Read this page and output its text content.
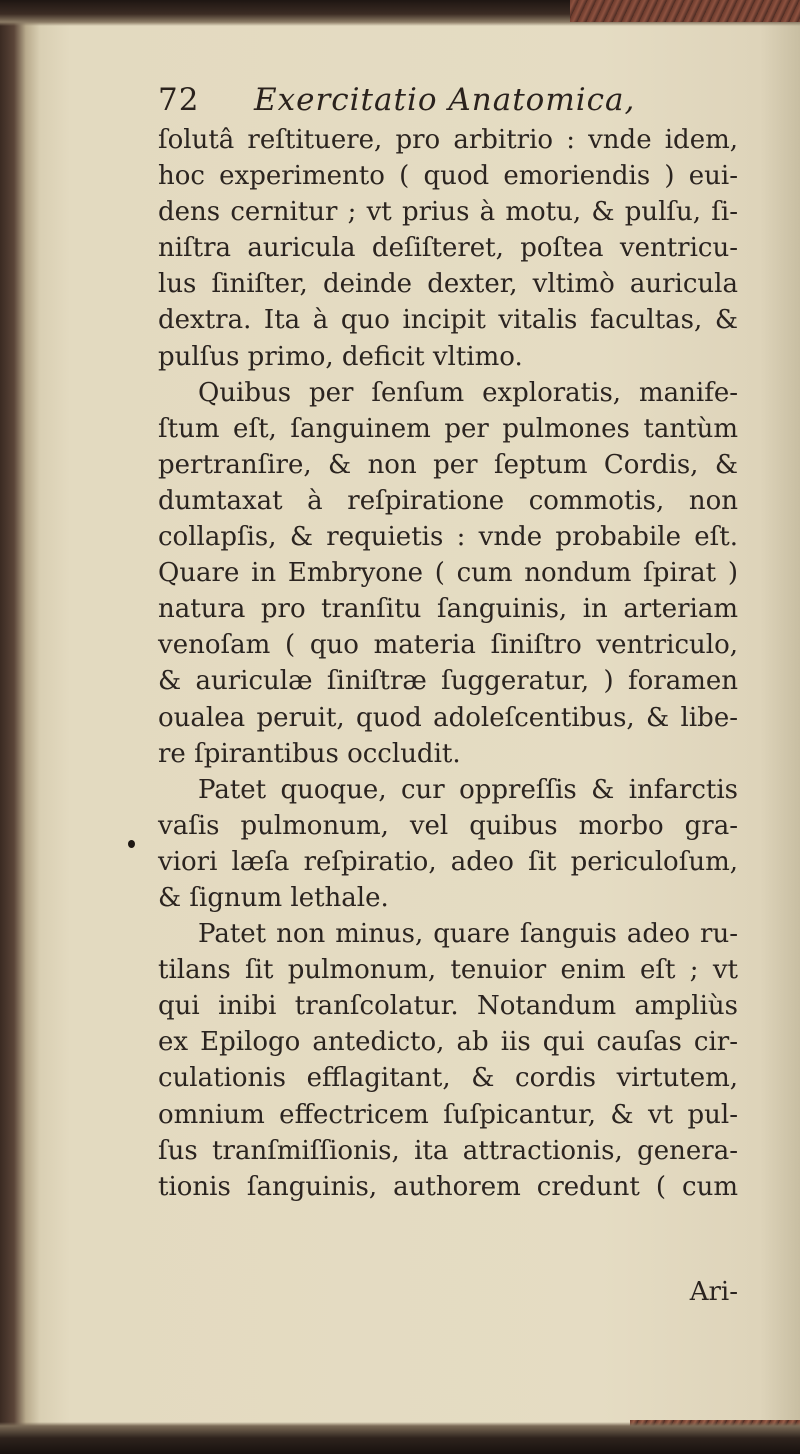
72	Exercitatio Anatomica,
ſolutâ reſtituere, pro arbitrio : vnde idem,
hoc experimento ( quod emoriendis ) eui-
dens cernitur ; vt prius à motu, & pulſu, ſi-
niſtra auricula deſiſteret, poſtea ventricu-
lus ſiniſter, deinde dexter, vltimò auricula
dextra. Ita à quo incipit vitalis facultas, &
pulſus primo, deficit vltimo.
Quibus per ſenſum exploratis, manife-
ſtum eſt, ſanguinem per pulmones tantùm
pertranſire, & non per ſeptum Cordis, &
dumtaxat à reſpiratione commotis, non
collapſis, & requietis : vnde probabile eſt.
Quare in Embryone ( cum nondum ſpirat )
natura pro tranſitu ſanguinis, in arteriam
venoſam ( quo materia ſiniſtro ventriculo,
& auriculæ ſiniſtræ ſuggeratur, ) foramen
oualea peruit, quod adoleſcentibus, & libe-
re ſpirantibus occludit.
Patet quoque, cur oppreſſis & infarctis
vaſis pulmonum, vel quibus morbo gra-
viori læſa reſpiratio, adeo ſit periculoſum,
& ſignum lethale.
Patet non minus, quare ſanguis adeo ru-
tilans ſit pulmonum, tenuior enim eſt ; vt
qui inibi tranſcolatur. Notandum ampliùs
ex Epilogo antedicto, ab iis qui cauſas cir-
culationis efflagitant, & cordis virtutem,
omnium effectricem ſuſpicantur, & vt pul-
ſus tranſmiſſionis, ita attractionis, genera-
tionis ſanguinis, authorem credunt ( cum
Ari-
